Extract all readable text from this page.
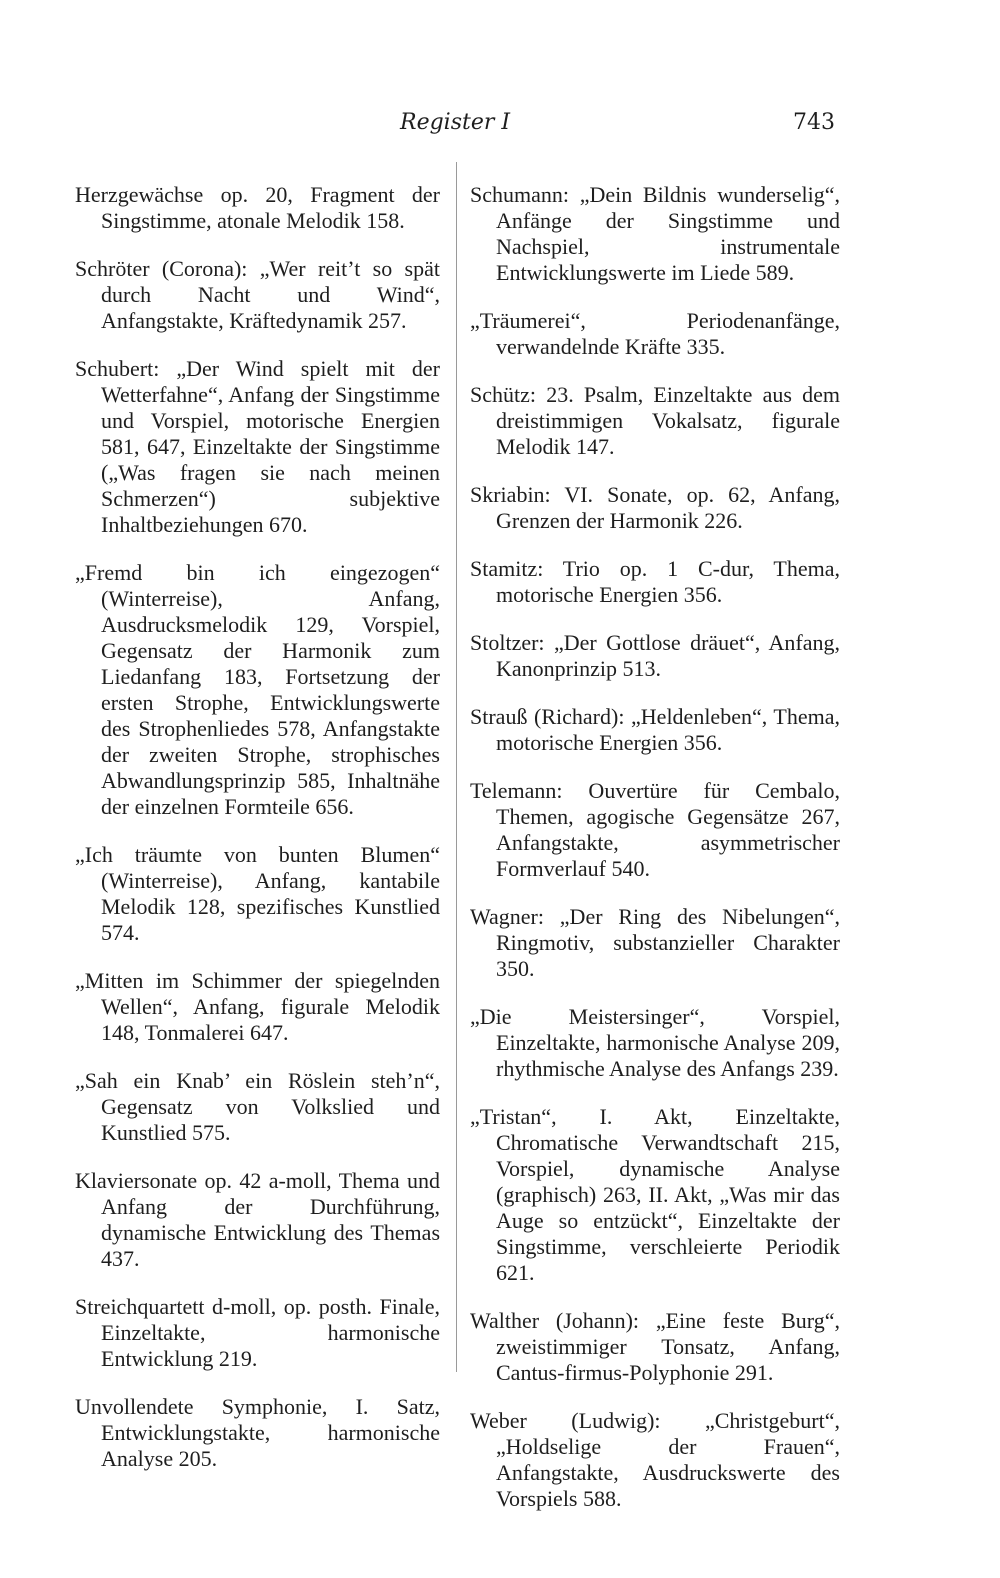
Register I	743

Herzgewächse op. 20, Fragment der Singstimme, atonale Melodik 158.

Schröter (Corona): „Wer reit’t so spät durch Nacht und Wind“, Anfangstakte, Kräftedynamik 257.

Schubert: „Der Wind spielt mit der Wetterfahne“, Anfang der Singstimme und Vorspiel, motorische Energien 581, 647, Einzeltakte der Singstimme („Was fragen sie nach meinen Schmerzen“) subjektive Inhaltbeziehungen 670.

„Fremd bin ich eingezogen“ (Winterreise), Anfang, Ausdrucksmelodik 129, Vorspiel, Gegensatz der Harmonik zum Liedanfang 183, Fortsetzung der ersten Strophe, Entwicklungswerte des Strophenliedes 578, Anfangstakte der zweiten Strophe, strophisches Abwandlungsprinzip 585, Inhaltnähe der einzelnen Formteile 656.

„Ich träumte von bunten Blumen“ (Winterreise), Anfang, kantabile Melodik 128, spezifisches Kunstlied 574.

„Mitten im Schimmer der spiegelnden Wellen“, Anfang, figurale Melodik 148, Tonmalerei 647.

„Sah ein Knab’ ein Röslein steh’n“, Gegensatz von Volkslied und Kunstlied 575.

Klaviersonate op. 42 a-moll, Thema und Anfang der Durchführung, dynamische Entwicklung des Themas 437.

Streichquartett d-moll, op. posth. Finale, Einzeltakte, harmonische Entwicklung 219.

Unvollendete Symphonie, I. Satz, Entwicklungstakte, harmonische Analyse 205.

Schumann: „Dein Bildnis wunderselig“, Anfänge der Singstimme und Nachspiel, instrumentale Entwicklungswerte im Liede 589.

„Träumerei“, Periodenanfänge, verwandelnde Kräfte 335.

Schütz: 23. Psalm, Einzeltakte aus dem dreistimmigen Vokalsatz, figurale Melodik 147.

Skriabin: VI. Sonate, op. 62, Anfang, Grenzen der Harmonik 226.

Stamitz: Trio op. 1 C-dur, Thema, motorische Energien 356.

Stoltzer: „Der Gottlose dräuet“, Anfang, Kanonprinzip 513.

Strauß (Richard): „Heldenleben“, Thema, motorische Energien 356.

Telemann: Ouvertüre für Cembalo, Themen, agogische Gegensätze 267, Anfangstakte, asymmetrischer Formverlauf 540.

Wagner: „Der Ring des Nibelungen“, Ringmotiv, substanzieller Charakter 350.

„Die Meistersinger“, Vorspiel, Einzeltakte, harmonische Analyse 209, rhythmische Analyse des Anfangs 239.

„Tristan“, I. Akt, Einzeltakte, Chromatische Verwandtschaft 215, Vorspiel, dynamische Analyse (graphisch) 263, II. Akt, „Was mir das Auge so entzückt“, Einzeltakte der Singstimme, verschleierte Periodik 621.

Walther (Johann): „Eine feste Burg“, zweistimmiger Tonsatz, Anfang, Cantus-firmus-Polyphonie 291.

Weber (Ludwig): „Christgeburt“, „Holdselige der Frauen“, Anfangstakte, Ausdruckswerte des Vorspiels 588.
